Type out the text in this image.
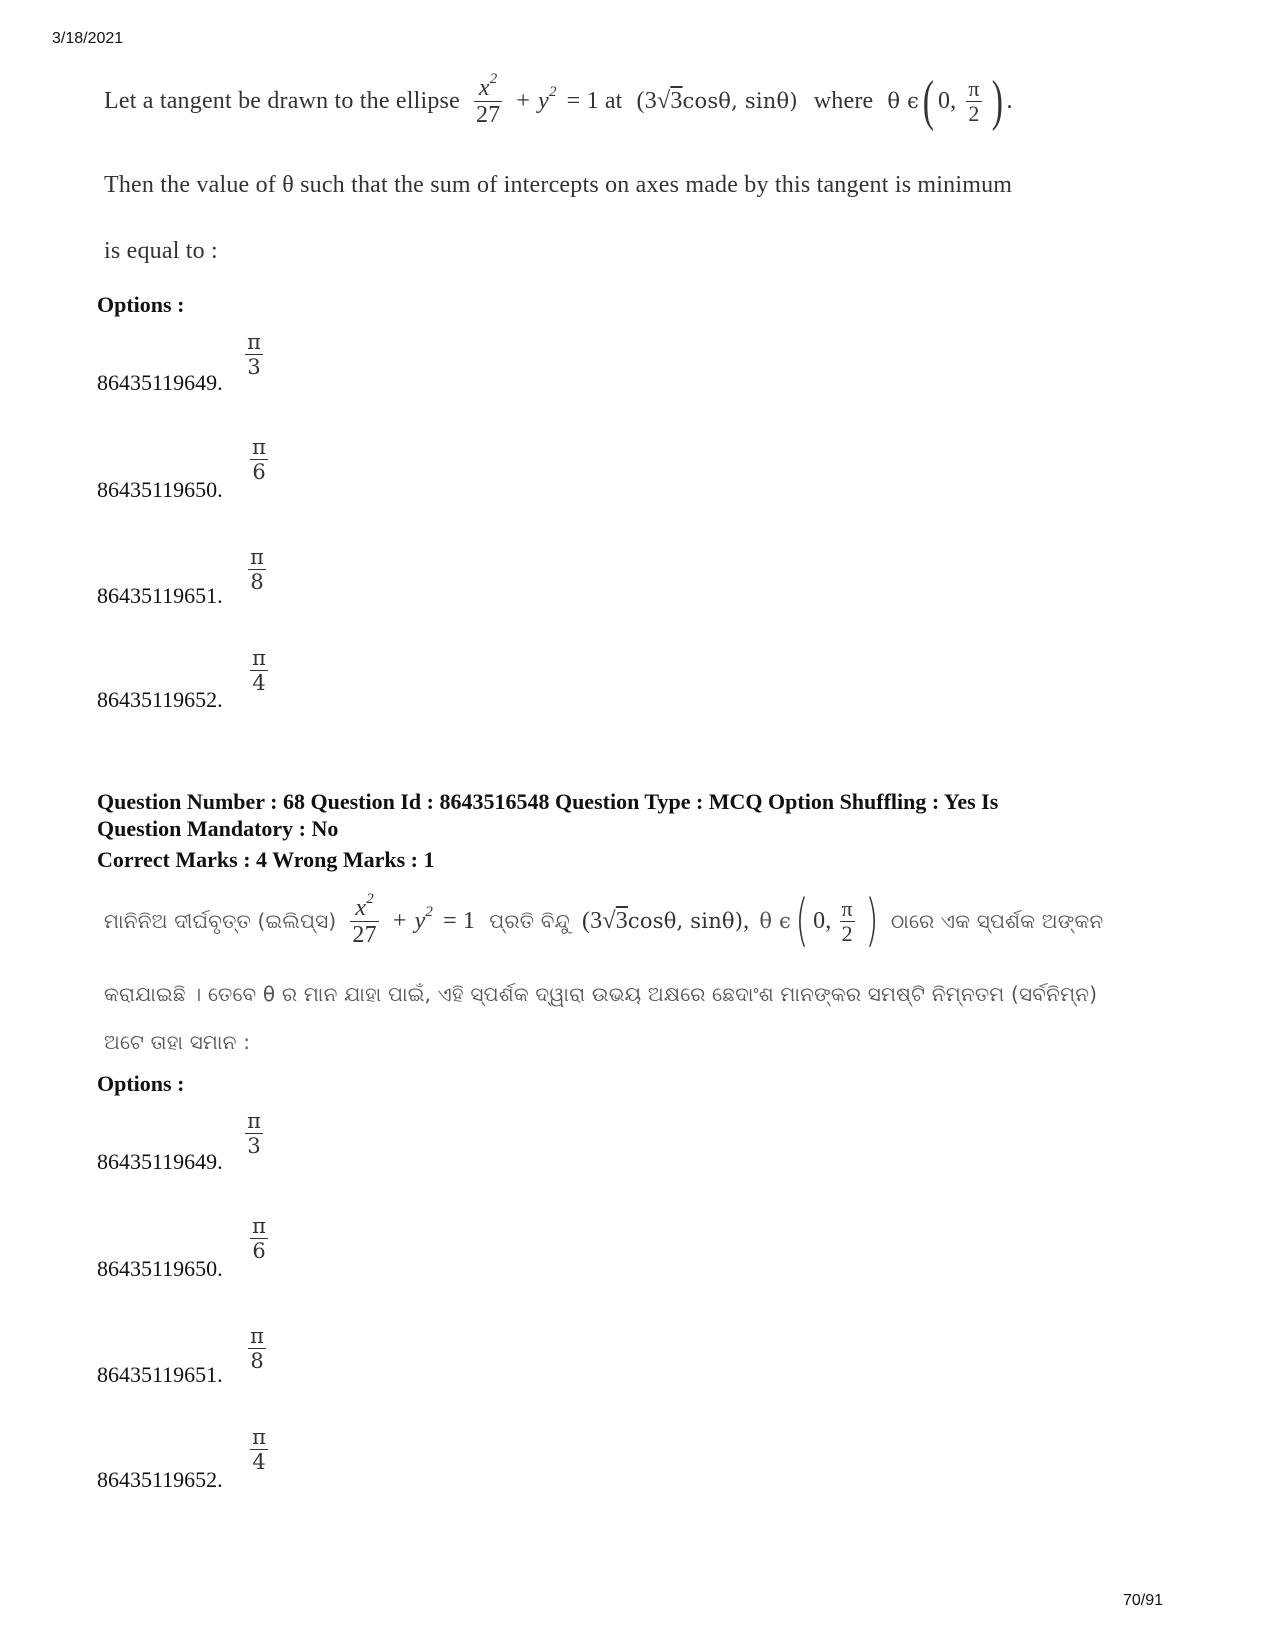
3/18/2021
Let a tangent be drawn to the ellipse $\frac{x^2}{27} + y^2 = 1$ at (3√3cosθ, sinθ) where θ ϵ ( 0, $\frac{\pi}{2}$ ) .
Then the value of θ such that the sum of intercepts on axes made by this tangent is minimum
is equal to :
Options :
π
3
86435119649.
π
6
86435119650.
π
8
86435119651.
π
4
86435119652.
Question Number : 68 Question Id : 8643516548 Question Type : MCQ Option Shuffling : Yes Is
Question Mandatory : No
Correct Marks : 4 Wrong Marks : 1
ମାନିନିଅ ଦୀର୍ଘବୃତ୍ତ (ଇଲିପ୍ସ) $\frac{x^2}{27} + y^2 = 1$ ପ୍ରତି ବିନ୍ଦୁ (3√3cosθ, sinθ) , θ ϵ ( 0, $\frac{\pi}{2}$ ) ଠାରେ ଏକ ସ୍ପର୍ଶକ ଅଙ୍କନ
କରାଯାଇଛି । ତେବେ θ ର ମାନ ଯାହା ପାଇଁ, ଏହି ସ୍ପର୍ଶକ ଦ୍ୱାରା ଉଭୟ ଅକ୍ଷରେ ଛେଦାଂଶ ମାନଙ୍କର ସମଷ୍ଟି ନିମ୍ନତମ (ସର୍ବନିମ୍ନ)
ଅଟେ ତାହା ସମାନ :
Options :
π
3
86435119649.
π
6
86435119650.
π
8
86435119651.
π
4
86435119652.
70/91
